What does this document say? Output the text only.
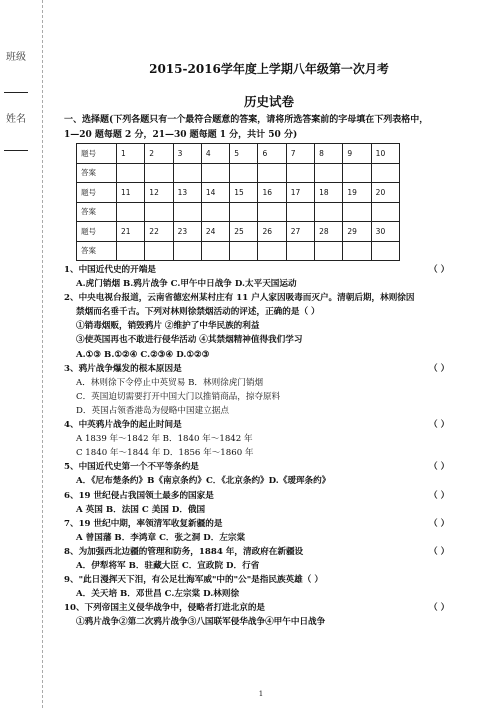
班级
姓名
2015-2016学年度上学期八年级第一次月考
历史试卷
一、选择题(下列各题只有一个最符合题意的答案，请将所选答案前的字母填在下列表格中，
1—20 题每题 2 分，21—30 题每题 1 分，共计 50 分)
题号	1	2	3	4	5	6	7	8	9	10
答案										
题号	11	12	13	14	15	16	17	18	19	20
答案										
题号	21	22	23	24	25	26	27	28	29	30
答案										
1、中国近代史的开端是	（ ）
A.虎门销烟 B.鸦片战争 C.甲午中日战争 D.太平天国运动
2、中央电视台报道，云南省德宏州某村庄有 11 户人家因吸毒而灭户。清朝后期，林则徐因
禁烟而名垂千古。下列对林则徐禁烟活动的评述，正确的是（ ）
①销毒烟贩，销毁鸦片 ②维护了中华民族的利益
③使英国再也不敢进行侵华活动 ④其禁烟精神值得我们学习
A.①③ B.①②④ C.②③④ D.①②③
3、鸦片战争爆发的根本原因是	（ ）
A．林则徐下令停止中英贸易 B．林则徐虎门销烟
C．英国迫切需要打开中国大门以推销商品，掠夺原料
D．英国占领香港岛为侵略中国建立据点
4、中英鸦片战争的起止时间是	（ ）
A 1839 年～1842 年 B．1840 年～1842 年
C 1840 年～1844 年 D．1856 年～1860 年
5、中国近代史第一个不平等条约是	（ ）
A．《尼布楚条约》B《南京条约》C．《北京条约》D.《瑷珲条约》
6、19 世纪侵占我国领土最多的国家是	（ ）
A 英国 B．法国 C 美国 D．俄国
7、19 世纪中期，率领清军收复新疆的是	（ ）
A 曾国藩 B．李鸿章 C．张之洞 D．左宗棠
8、为加强西北边疆的管理和防务，1884 年，清政府在新疆设	（ ）
A．伊犁将军 B．驻藏大臣 C．宣政院 D．行省
9、"此日漫挥天下泪，有公足壮海军威"中的"公"是指民族英雄（ ）
A．关天培 B．邓世昌 C.左宗棠 D.林则徐
10、下列帝国主义侵华战争中，侵略者打进北京的是	（ ）
①鸦片战争②第二次鸦片战争③八国联军侵华战争④甲午中日战争
1
